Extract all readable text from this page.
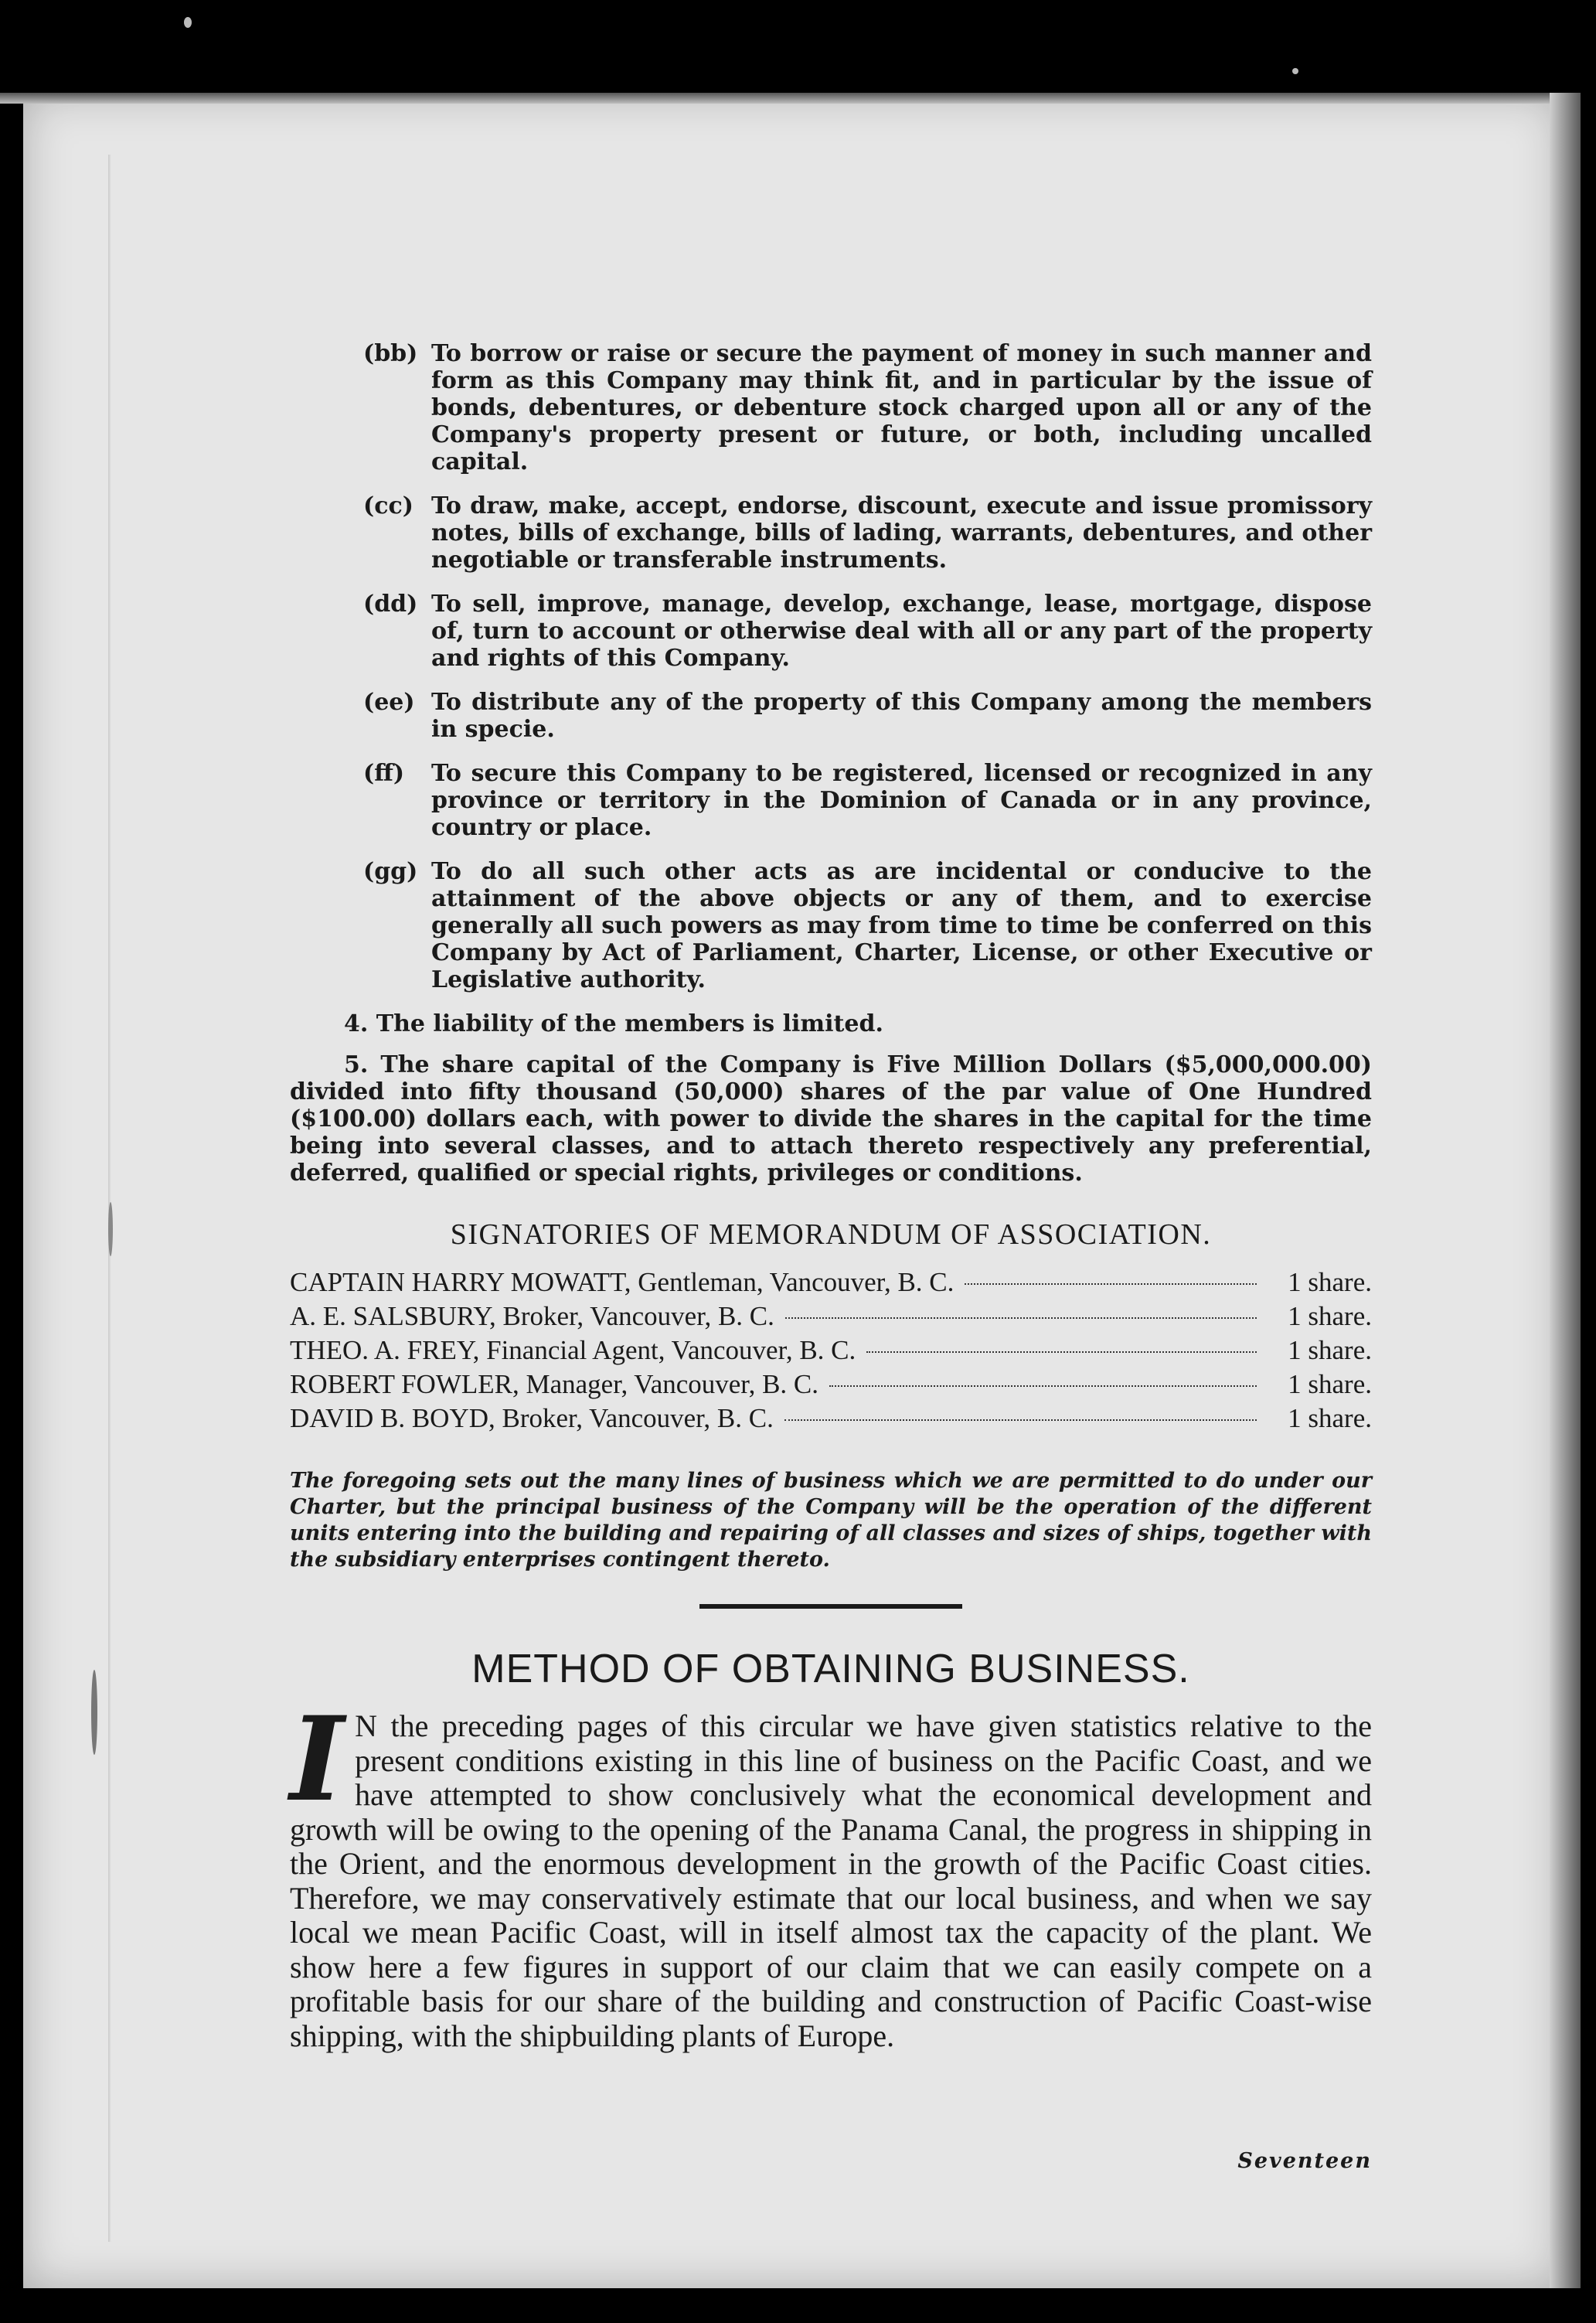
(bb) To borrow or raise or secure the payment of money in such manner and form as this Company may think fit, and in particular by the issue of bonds, debentures, or debenture stock charged upon all or any of the Company's property present or future, or both, including uncalled capital.
(cc) To draw, make, accept, endorse, discount, execute and issue promissory notes, bills of exchange, bills of lading, warrants, debentures, and other negotiable or transferable instruments.
(dd) To sell, improve, manage, develop, exchange, lease, mortgage, dispose of, turn to account or otherwise deal with all or any part of the property and rights of this Company.
(ee) To distribute any of the property of this Company among the members in specie.
(ff)	To secure this Company to be registered, licensed or recognized in any province or territory in the Dominion of Canada or in any province, country or place.
(gg) To do all such other acts as are incidental or conducive to the attainment of the above objects or any of them, and to exercise generally all such powers as may from time to time be conferred on this Company by Act of Parliament, Charter, License, or other Executive or Legislative authority.
4. The liability of the members is limited.
5. The share capital of the Company is Five Million Dollars ($5,000,000.00) divided into fifty thousand (50,000) shares of the par value of One Hundred ($100.00) dollars each, with power to divide the shares in the capital for the time being into several classes, and to attach thereto respectively any preferential, deferred, qualified or special rights, privileges or conditions.
SIGNATORIES OF MEMORANDUM OF ASSOCIATION.
CAPTAIN HARRY MOWATT, Gentleman, Vancouver, B. C.	1 share.
A. E. SALSBURY, Broker, Vancouver, B. C.	1 share.
THEO. A. FREY, Financial Agent, Vancouver, B. C.	1 share.
ROBERT FOWLER, Manager, Vancouver, B. C.	1 share.
DAVID B. BOYD, Broker, Vancouver, B. C.	1 share.
The foregoing sets out the many lines of business which we are permitted to do under our Charter, but the principal business of the Company will be the operation of the different units entering into the building and repairing of all classes and sizes of ships, together with the subsidiary enterprises contingent thereto.
METHOD OF OBTAINING BUSINESS.
I N the preceding pages of this circular we have given statistics relative to the present conditions existing in this line of business on the Pacific Coast, and we have attempted to show conclusively what the economical development and growth will be owing to the opening of the Panama Canal, the progress in shipping in the Orient, and the enormous development in the growth of the Pacific Coast cities. Therefore, we may conservatively estimate that our local business, and when we say local we mean Pacific Coast, will in itself almost tax the capacity of the plant. We show here a few figures in support of our claim that we can easily compete on a profitable basis for our share of the building and construction of Pacific Coast-wise shipping, with the shipbuilding plants of Europe.
Seventeen
